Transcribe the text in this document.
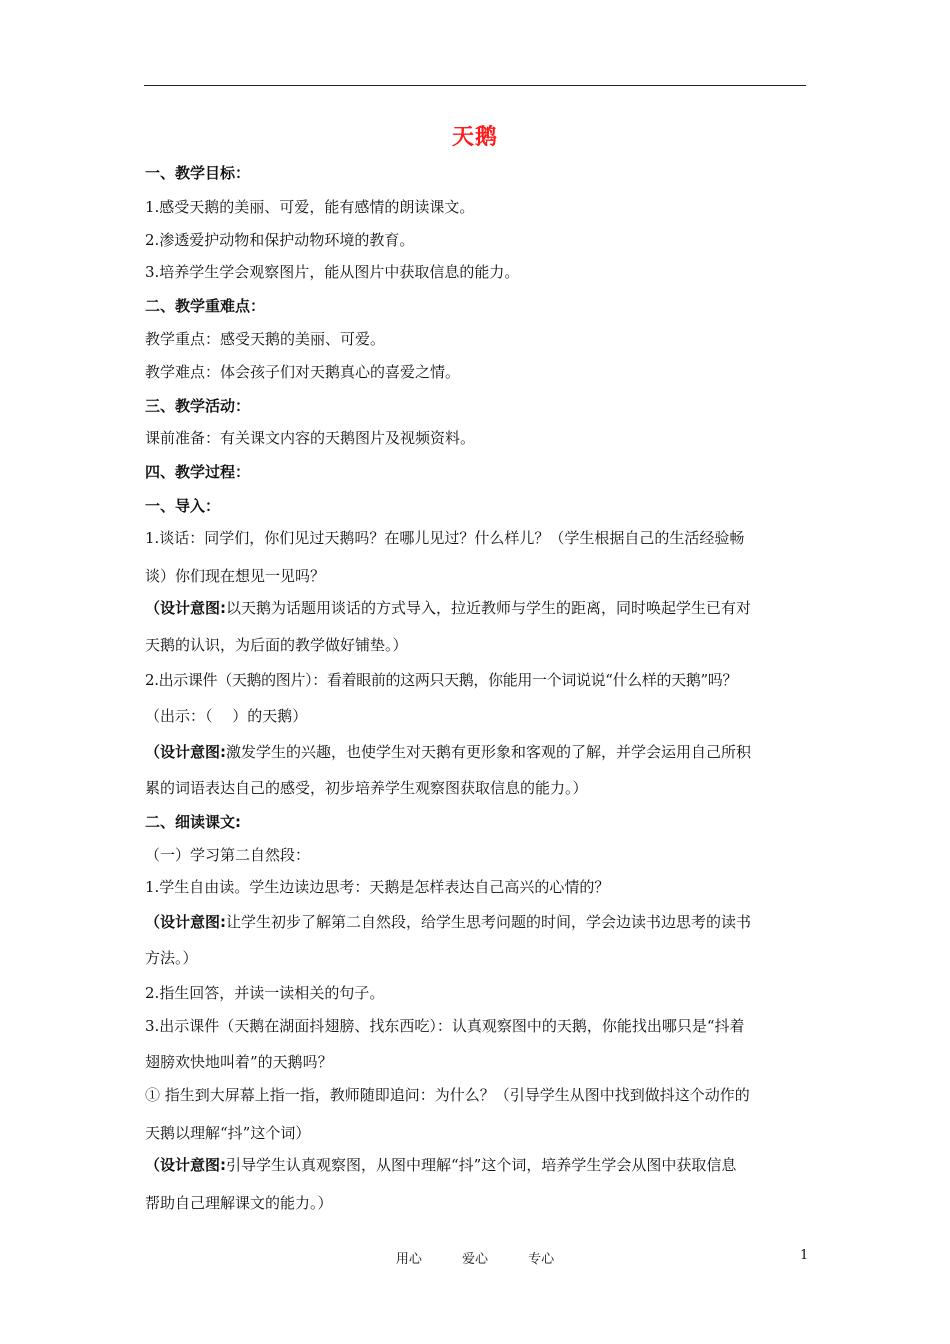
天鹅
一、教学目标：
1.感受天鹅的美丽、可爱，能有感情的朗读课文。
2.渗透爱护动物和保护动物环境的教育。
3.培养学生学会观察图片，能从图片中获取信息的能力。
二、教学重难点：
教学重点：感受天鹅的美丽、可爱。
教学难点：体会孩子们对天鹅真心的喜爱之情。
三、教学活动：
课前准备：有关课文内容的天鹅图片及视频资料。
四、教学过程：
一、导入：
1.谈话：同学们，你们见过天鹅吗？在哪儿见过？什么样儿？（学生根据自己的生活经验畅
谈）你们现在想见一见吗？
（设计意图:以天鹅为话题用谈话的方式导入，拉近教师与学生的距离，同时唤起学生已有对
天鹅的认识，为后面的教学做好铺垫。）
2.出示课件（天鹅的图片）：看着眼前的这两只天鹅，你能用一个词说说“什么样的天鹅”吗？
（出示：（　 ）的天鹅）
（设计意图:激发学生的兴趣，也使学生对天鹅有更形象和客观的了解，并学会运用自己所积
累的词语表达自己的感受，初步培养学生观察图获取信息的能力。）
二、细读课文:
（一）学习第二自然段：
1.学生自由读。学生边读边思考：天鹅是怎样表达自己高兴的心情的？
（设计意图:让学生初步了解第二自然段，给学生思考问题的时间，学会边读书边思考的读书
方法。）
2.指生回答，并读一读相关的句子。
3.出示课件（天鹅在湖面抖翅膀、找东西吃）：认真观察图中的天鹅，你能找出哪只是“抖着
翅膀欢快地叫着”的天鹅吗？
① 指生到大屏幕上指一指，教师随即追问：为什么？（引导学生从图中找到做抖这个动作的
天鹅以理解“抖”这个词）
（设计意图:引导学生认真观察图，从图中理解“抖”这个词，培养学生学会从图中获取信息
帮助自己理解课文的能力。）
用心	爱心	专心	1
